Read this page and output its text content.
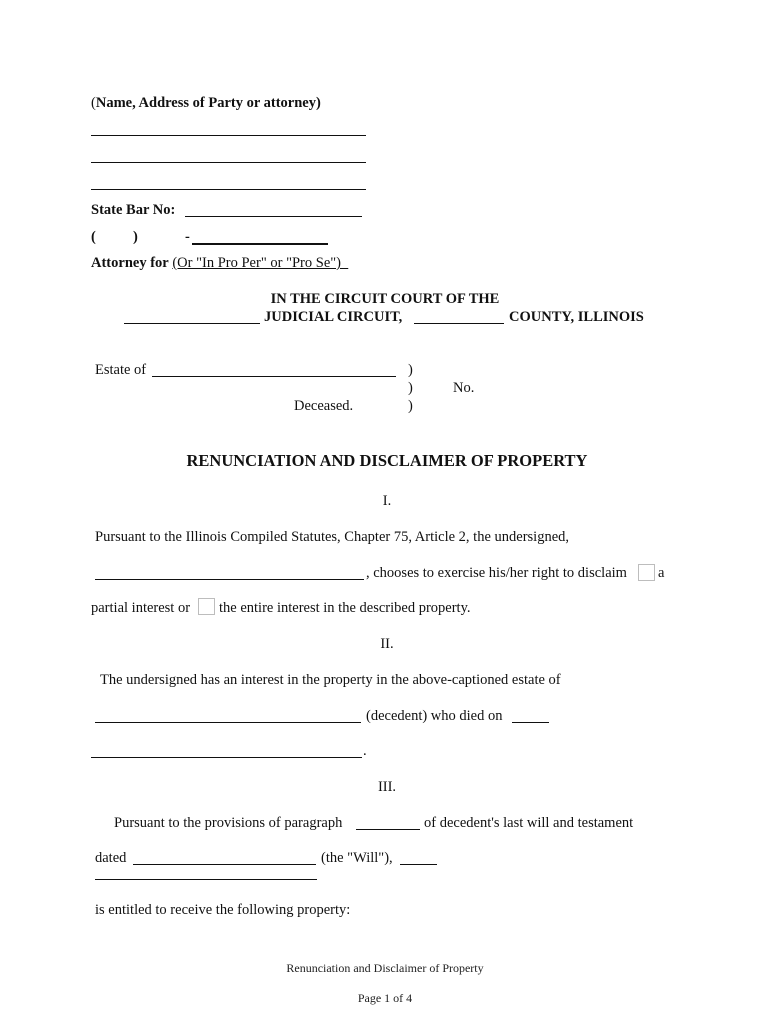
(Name, Address of Party or attorney)
State Bar No:
(	)	-
Attorney for (Or "In Pro Per" or "Pro Se")
IN THE CIRCUIT COURT OF THE
JUDICIAL CIRCUIT,	COUNTY, ILLINOIS
Estate of	)
)	No.
Deceased.	)
RENUNCIATION AND DISCLAIMER OF PROPERTY
I.
Pursuant to the Illinois Compiled Statutes, Chapter 75, Article 2, the undersigned,
, chooses to exercise his/her right to disclaim a
partial interest or the entire interest in the described property.
II.
The undersigned has an interest in the property in the above-captioned estate of
(decedent) who died on
.
III.
Pursuant to the provisions of paragraph	of decedent's last will and testament
dated	(the "Will"),
is entitled to receive the following property:
Renunciation and Disclaimer of Property
Page 1 of 4
